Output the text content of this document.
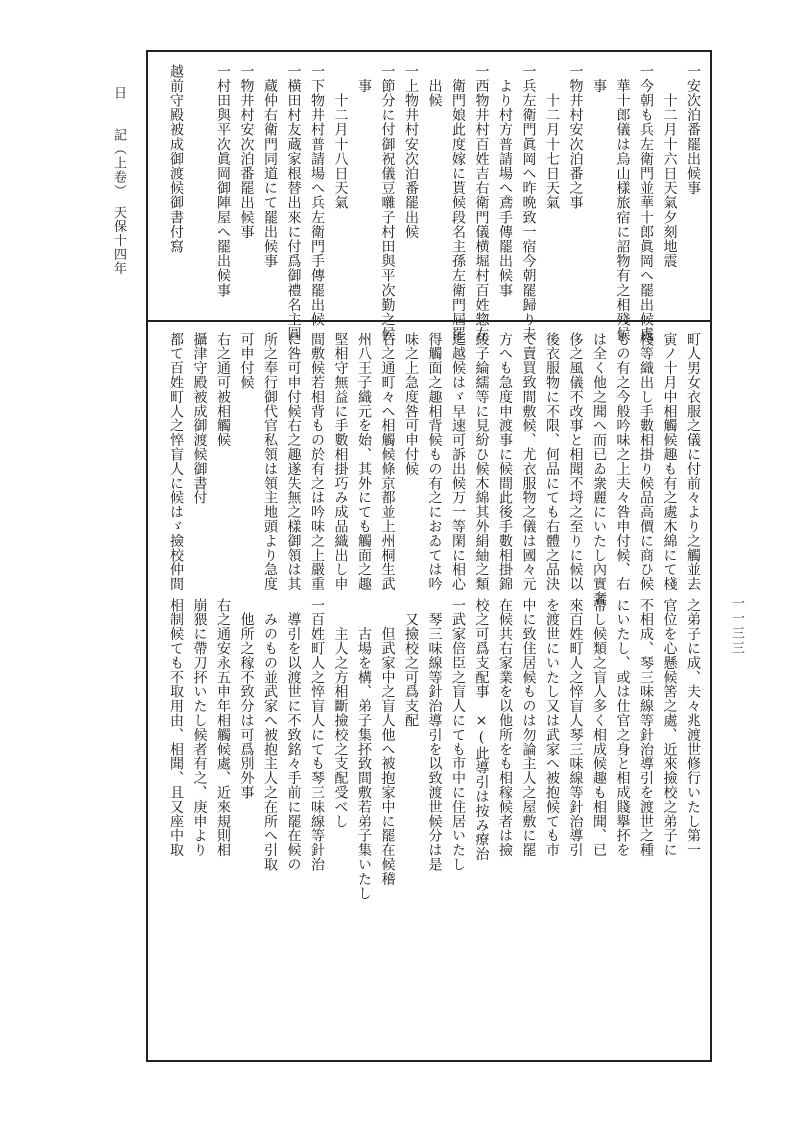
日　　記（上卷）　天保十四年
一一三三
一安次泊番罷出候事
　　十二月十六日天氣夕刻地震
一今朝も兵左衛門並華十郎眞岡へ罷出候處
　華十郎儀は烏山樣旅宿に詔物有之相殘候
　事
一物井村安次泊番之事
　　十二月十七日天氣
一兵左衛門眞岡へ昨晩致一宿今朝罷歸り夫
　より村方普請場へ鳶手傳罷出候事
一西物井村百姓吉右衛門儀横堀村百姓惣左
　衛門娘此度嫁に貰候段名主孫左衛門屆罷
　出候
一上物井村安次泊番罷出候
一節分に付御祝儀豆囃子村田與平次勤之候
　事
　　十二月十八日天氣
一下物井村普請場へ兵左衛門手傳罷出候
一橫田村友蔵家根替出來に付爲御禮名主圓
　蔵仲右衛門同道にて罷出候事
一物井村安次泊番罷出候事
一村田與平次眞岡御陣屋へ罷出候事
越前守殿被成御渡候御書付寫
町人男女衣服之儀に付前々より之觸並去
寅ノ十月中相觸候趣も有之處木綿にて棧
棧等織出し手數相掛り候品高價に商ひ候
もの有之今般吟味之上夫々咎申付候、右
は全く他之聞へ而已ゐ衆麗にいたし內實奢
侈之風儀不改事と相聞不埒之至りに候以
後衣服物に不限、何品にても右體之品決
て賣買致間敷候、尤衣服物之儀は國々元
方へも急度申渡事に候間此後手數相掛錦
綾子綸繻等に見紛ひ候木綿其外絹紬之類
迄越候はゞ早速可訴出候万一等閑に相心
得觸面之趣相背候もの有之におゐては吟
味之上急度咎可申付候
右之通町々へ相觸候條京都並上州桐生武
州八王子織元を始、其外にても觸面之趣
堅相守無益に手數相掛巧み成品織出し申
間敷候若相背もの於有之は吟味之上嚴重
に咎可申付候右之趣遂失無之樣御領は其
所之奉行御代官私領は領主地頭より急度
可申付候
右之通可被相觸候
攝津守殿被成御渡候御書付
都て百姓町人之悴盲人に候はゞ撿校仲間
之弟子に成、夫々兆渡世修行いたし第一
官位を心懸候筈之處、近來撿校之弟子に
不相成、琴三味線等針治導引を渡世之種
にいたし、或は仕官之身と相成賤擧抔を
帶し候類之盲人多く相成候趣も相聞、已
來百姓町人之悴盲人琴三味線等針治導引
を渡世にいたし又は武家へ被抱候ても市
中に致住居候ものは勿論主人之屋敷に罷
在候共右家業を以他所をも相稼候者は撿
校之可爲支配事　×(此導引は按み療治
一武家倍臣之盲人にても市中に住居いたし
　琴三味線等針治導引を以致渡世候分は是
　又撿校之可爲支配
　　但武家中之盲人他へ被抱家中に罷在候稽
　　古場を構、弟子集抔致間敷若弟子集いたし
　　主人之方相斷撿校之支配受べし
一百姓町人之悴盲人にても琴三味線等針治
　導引を以渡世に不致銘々手前に罷在候の
　みのもの並武家へ被抱主人之在所へ引取
　他所之稼不致分は可爲別外事
右之通安永五申年相觸候處、近來規則相
崩猥に帶刀抔いたし候者有之、庚申より
相制候ても不取用由、相聞、且又座中取
